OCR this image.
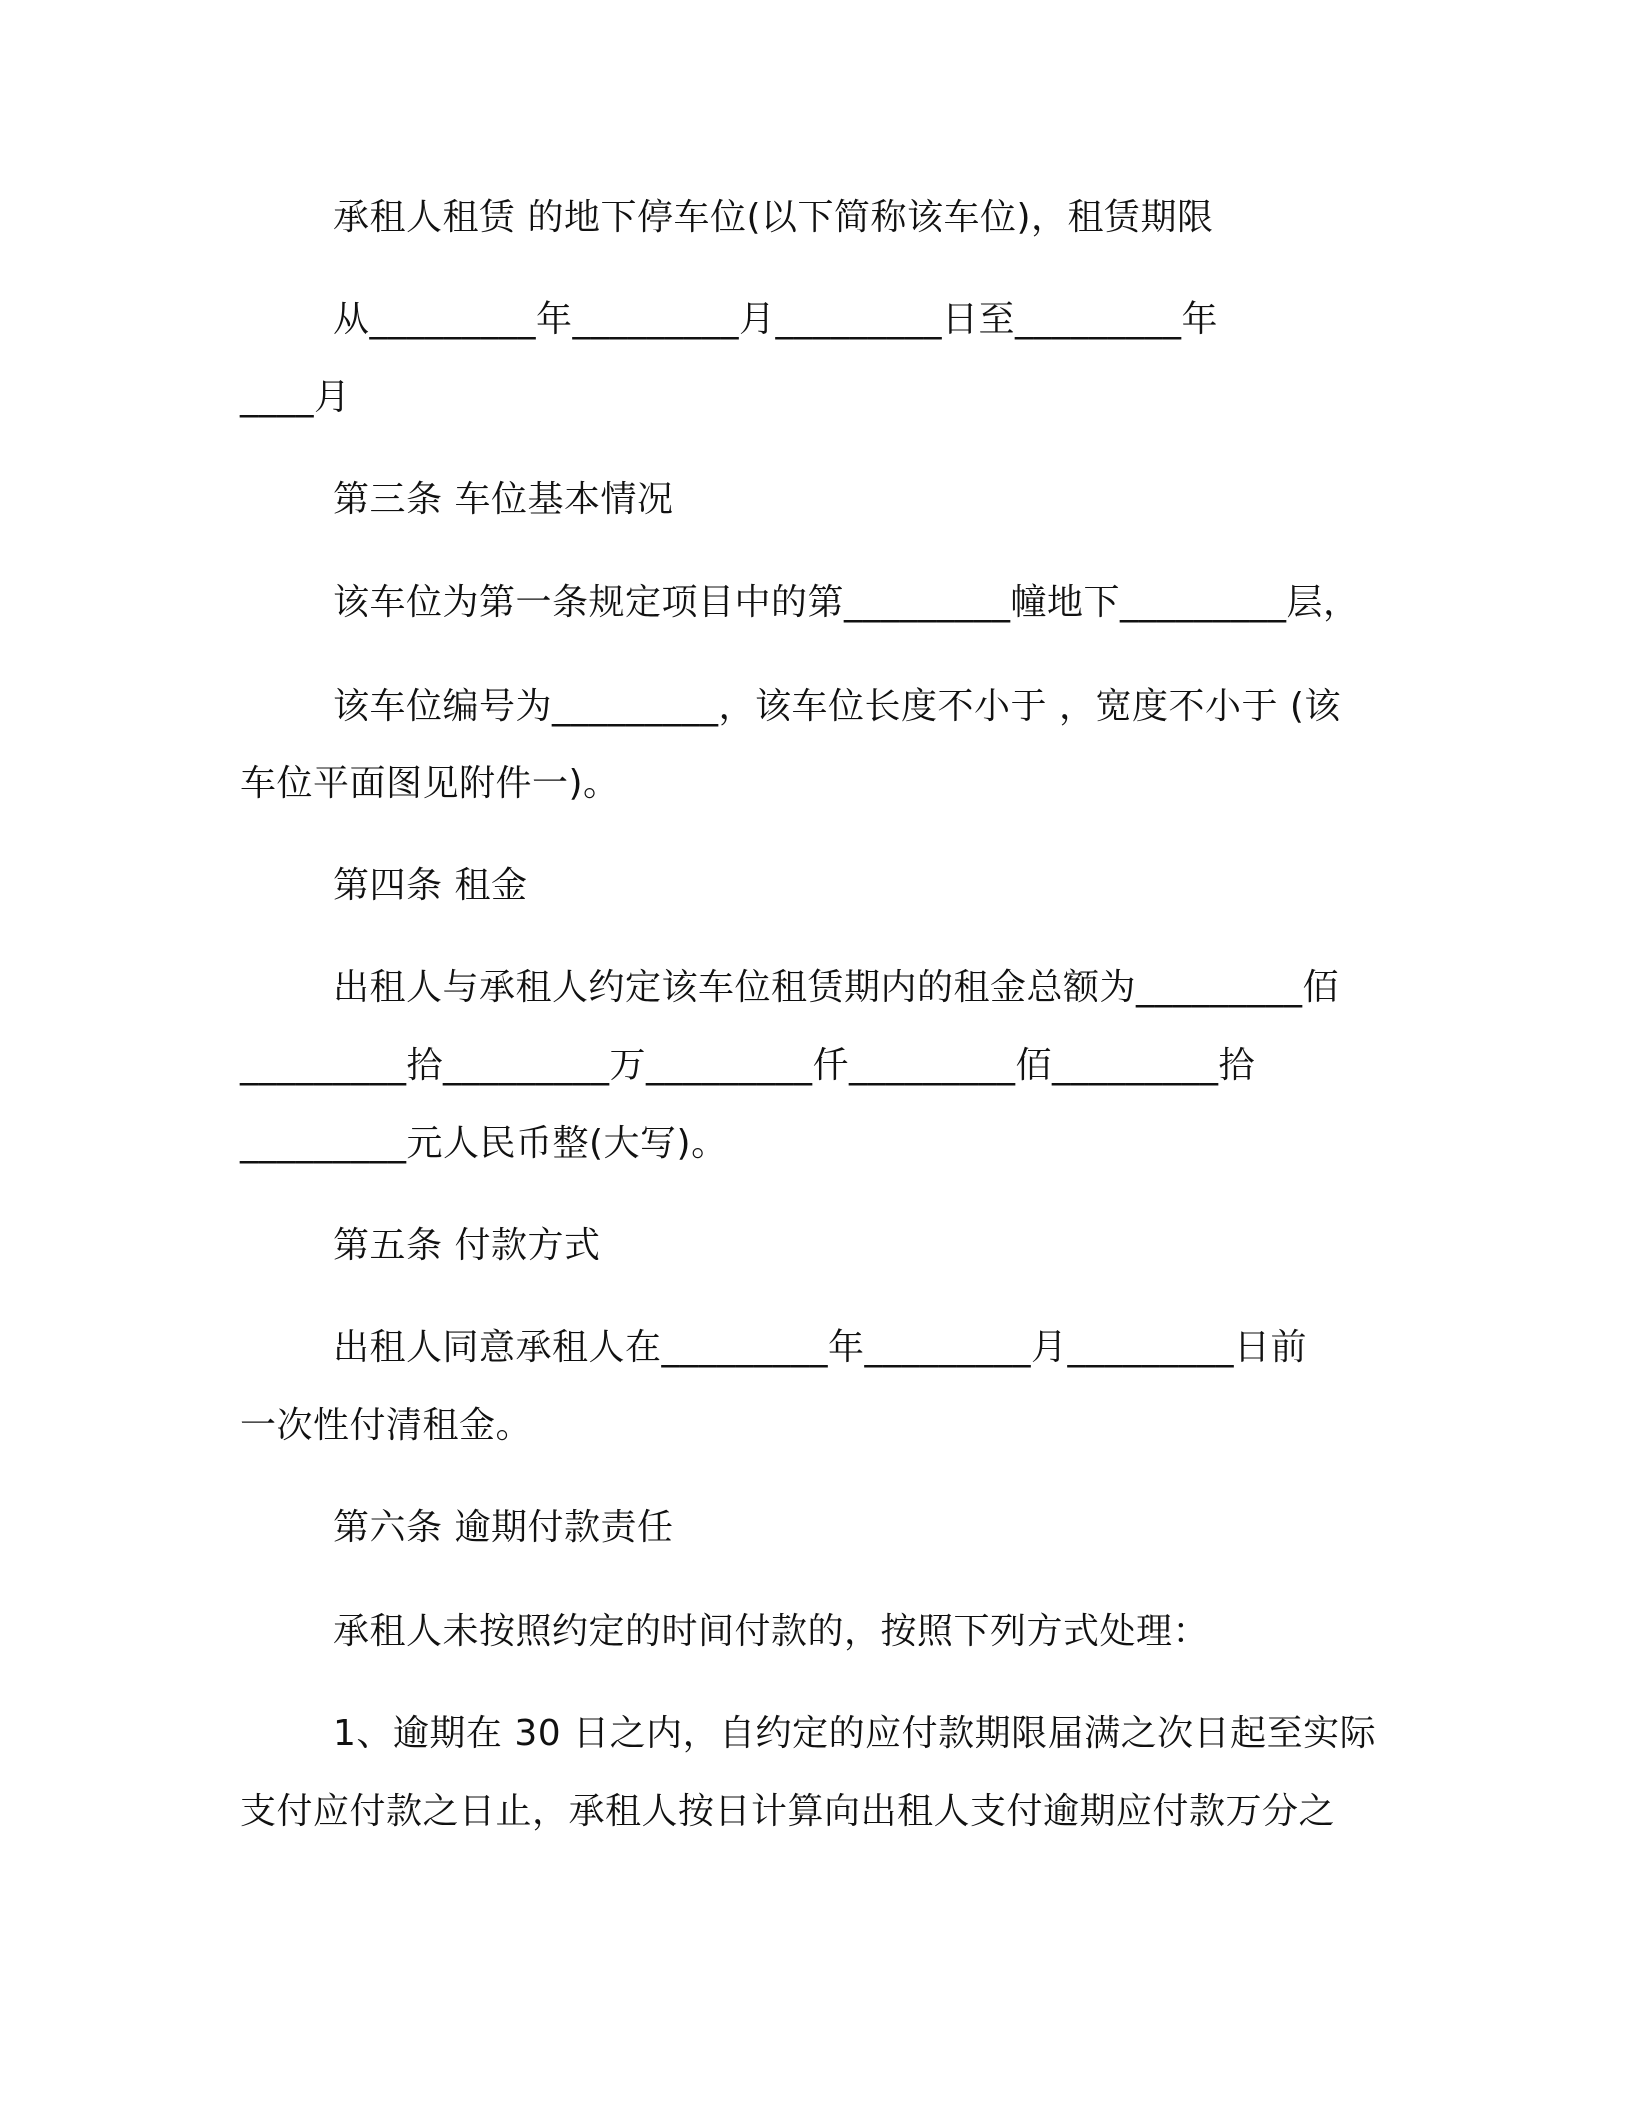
承租人租赁 的地下停车位(以下简称该车位)，租赁期限
从_________年_________月_________日至_________年
____月
第三条 车位基本情况
该车位为第一条规定项目中的第_________幢地下_________层，
该车位编号为_________，该车位长度不小于 ，宽度不小于 (该
车位平面图见附件一)。
第四条 租金
出租人与承租人约定该车位租赁期内的租金总额为_________佰
_________拾_________万_________仟_________佰_________拾
_________元人民币整(大写)。
第五条 付款方式
出租人同意承租人在_________年_________月_________日前
一次性付清租金。
第六条 逾期付款责任
承租人未按照约定的时间付款的，按照下列方式处理：
1、逾期在 30 日之内，自约定的应付款期限届满之次日起至实际
支付应付款之日止，承租人按日计算向出租人支付逾期应付款万分之
